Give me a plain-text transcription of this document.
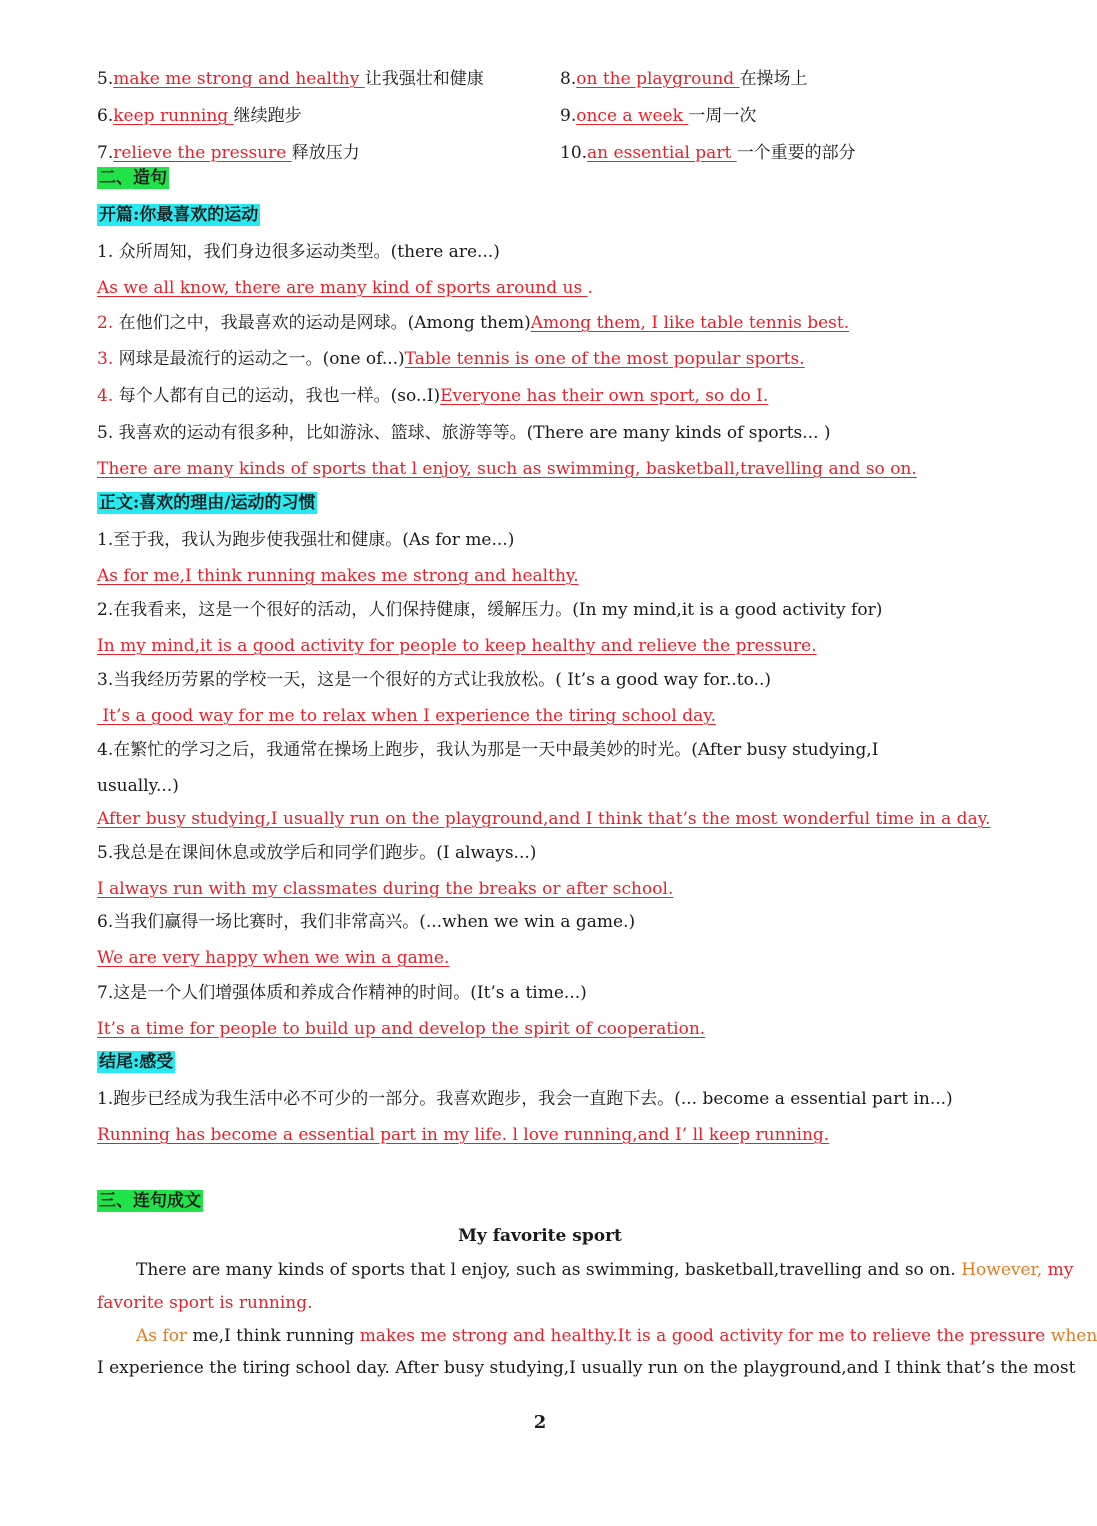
5.make me strong and healthy 让我强壮和健康	8.on the playground 在操场上
6.keep running 继续跑步	9.once a week 一周一次
7.relieve the pressure 释放压力	10.an essential part 一个重要的部分
二、造句
开篇:你最喜欢的运动
1. 众所周知，我们身边很多运动类型。(there are...)
As we all know, there are many kind of sports around us .
2. 在他们之中，我最喜欢的运动是网球。(Among them)Among them, I like table tennis best.
3. 网球是最流行的运动之一。(one of...)Table tennis is one of the most popular sports.
4. 每个人都有自己的运动，我也一样。(so..I)Everyone has their own sport, so do I.
5. 我喜欢的运动有很多种，比如游泳、篮球、旅游等等。(There are many kinds of sports... )
There are many kinds of sports that l enjoy, such as swimming, basketball,travelling and so on.
正文:喜欢的理由/运动的习惯
1.至于我，我认为跑步使我强壮和健康。(As for me...)
As for me,I think running makes me strong and healthy.
2.在我看来，这是一个很好的活动，人们保持健康，缓解压力。(In my mind,it is a good activity for)
In my mind,it is a good activity for people to keep healthy and relieve the pressure.
3.当我经历劳累的学校一天，这是一个很好的方式让我放松。( It’s a good way for..to..)
It’s a good way for me to relax when I experience the tiring school day.
4.在繁忙的学习之后，我通常在操场上跑步，我认为那是一天中最美妙的时光。(After busy studying,I
usually...)
After busy studying,I usually run on the playground,and I think that’s the most wonderful time in a day.
5.我总是在课间休息或放学后和同学们跑步。(I always...)
I always run with my classmates during the breaks or after school.
6.当我们赢得一场比赛时，我们非常高兴。(...when we win a game.)
We are very happy when we win a game.
7.这是一个人们增强体质和养成合作精神的时间。(It’s a time...)
It’s a time for people to build up and develop the spirit of cooperation.
结尾:感受
1.跑步已经成为我生活中必不可少的一部分。我喜欢跑步，我会一直跑下去。(... become a essential part in...)
Running has become a essential part in my life. l love running,and I’ ll keep running.
三、连句成文
My favorite sport
There are many kinds of sports that l enjoy, such as swimming, basketball,travelling and so on. However, my
favorite sport is running.
As for me,I think running makes me strong and healthy.It is a good activity for me to relieve the pressure when
I experience the tiring school day. After busy studying,I usually run on the playground,and I think that’s the most
2
